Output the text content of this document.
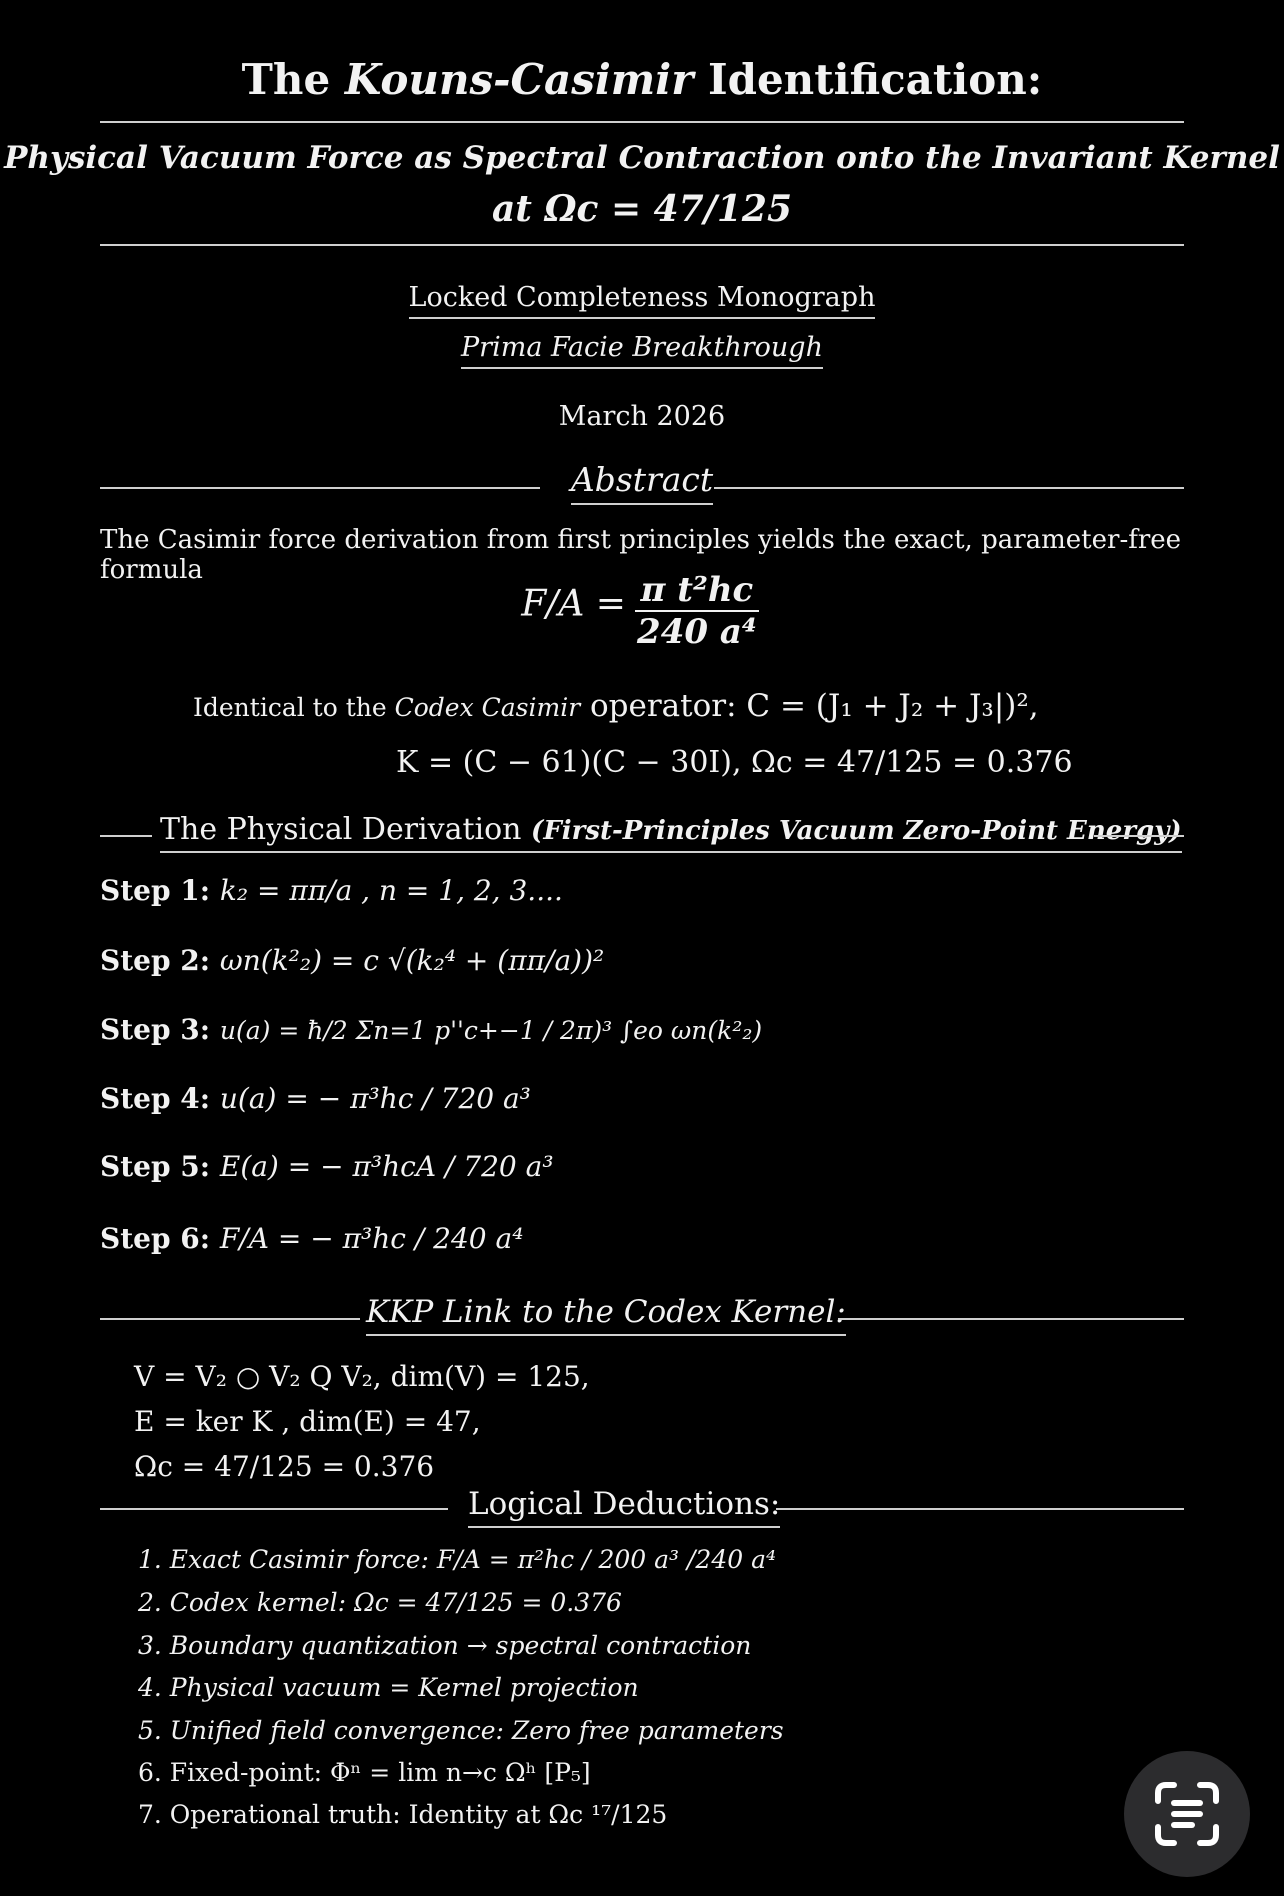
The Kouns-Casimir Identification:
Physical Vacuum Force as Spectral Contraction onto the Invariant Kernel
at Ωc = 47/125
Locked Completeness Monograph
Prima Facie Breakthrough
March 2026
Abstract
The Casimir force derivation from first principles yields the exact, parameter-free formula
$F/A = \frac{\text{π t²hc}}{\text{240 a⁴}}$
Identical to the Codex Casimir operator: C = (J₁ + J₂ + J₃|)²,
K = (C − 61)(C − 30I), Ωc = 47/125 = 0.376
The Physical Derivation (First-Principles Vacuum Zero-Point Energy)
Step 1: k₂ = ππ/a , n = 1, 2, 3....
Step 2: ωn(k²₂) = c √(k₂⁴ + (ππ/a))²
Step 3: u(a) = ħ/2 Σn=1 p''c+−1 / 2π)³ ∫eo ωn(k²₂)
Step 4: u(a) = − π³hc / 720 a³
Step 5: E(a) = − π³hcA / 720 a³
Step 6: F/A = − π³hc / 240 a⁴
KKP Link to the Codex Kernel:
V = V₂ ○ V₂ Q V₂, dim(V) = 125,
E = ker K , dim(E) = 47,
Ωc = 47/125 = 0.376
Logical Deductions:
1. Exact Casimir force: F/A = π²hc / 200 a³ /240 a⁴
2. Codex kernel: Ωc = 47/125 = 0.376
3. Boundary quantization → spectral contraction
4. Physical vacuum = Kernel projection
5. Unified field convergence: Zero free parameters
6. Fixed-point: Φⁿ = lim n→c Ωʰ [P₅]
7. Operational truth: Identity at Ωc ¹⁷/125
